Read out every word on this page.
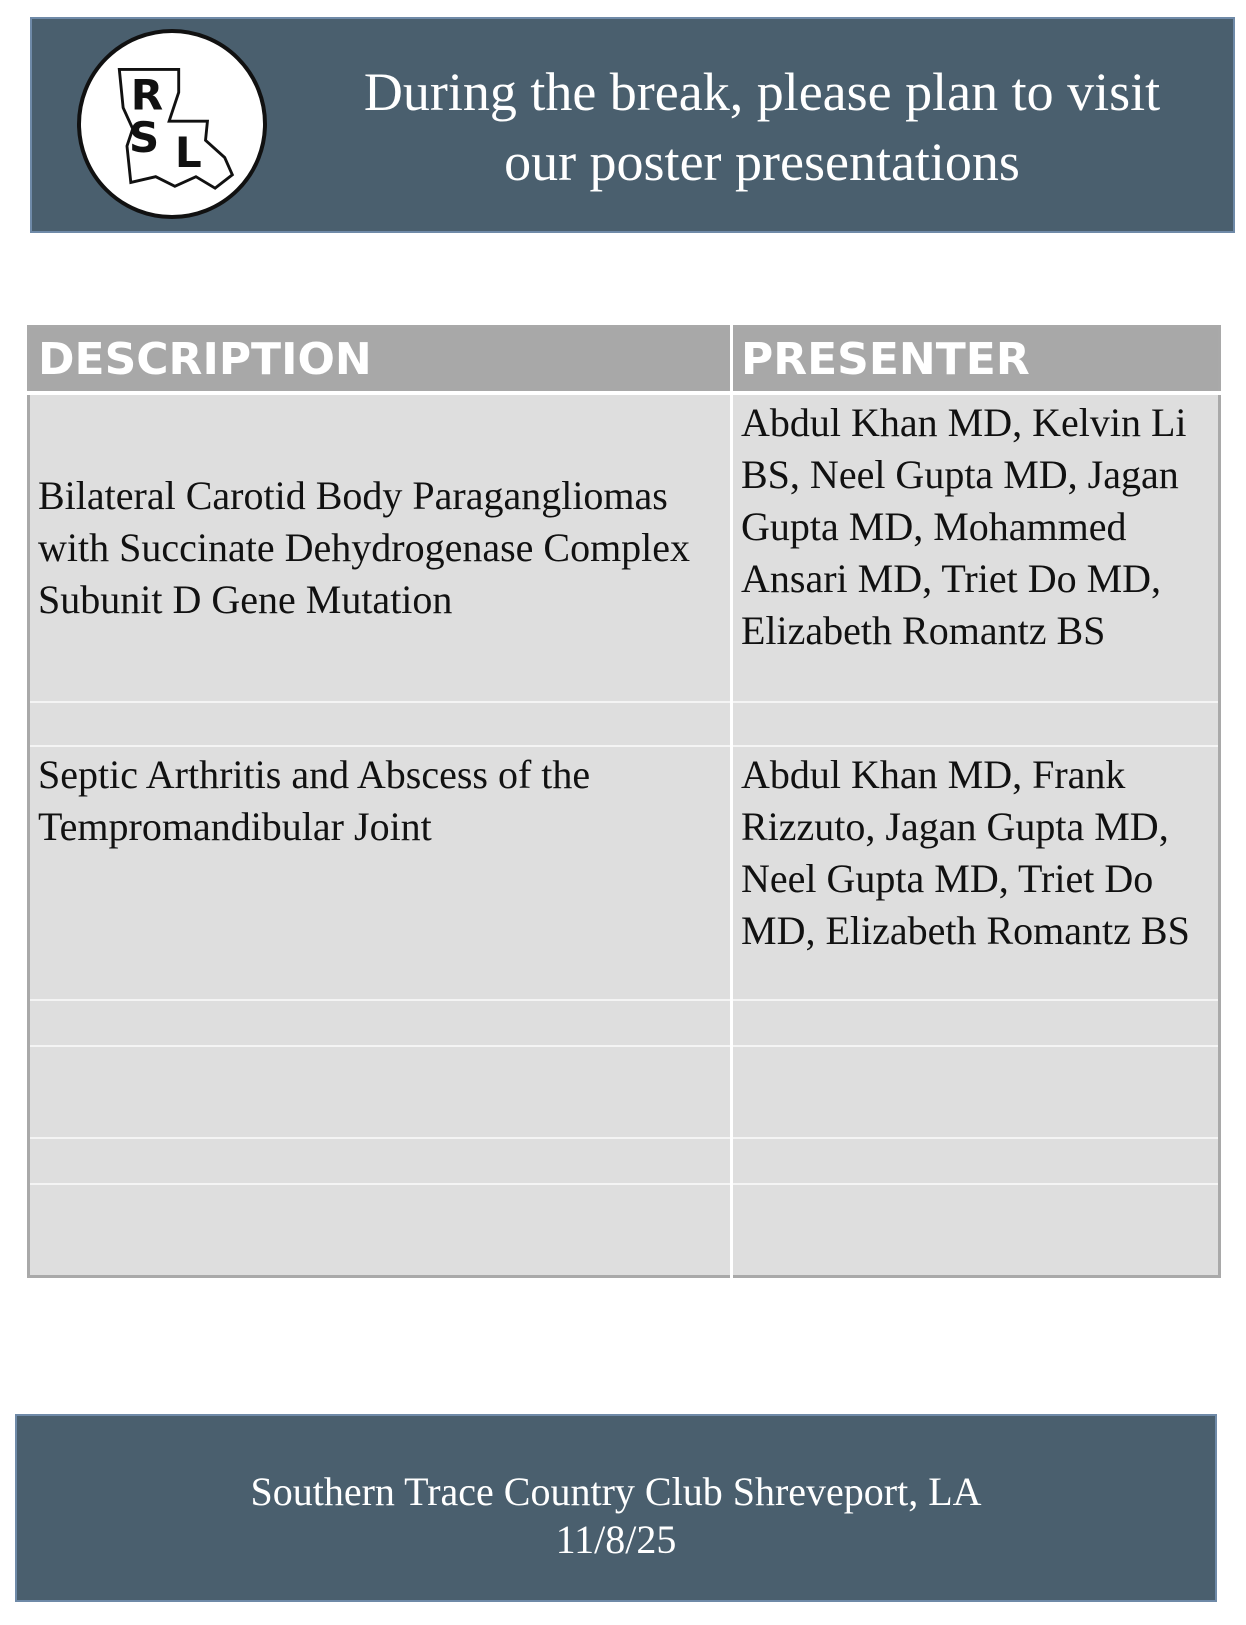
R
S L
During the break, please plan to visit
our poster presentations
DESCRIPTION	PRESENTER
Bilateral Carotid Body Paragangliomas with Succinate Dehydrogenase Complex Subunit D Gene Mutation	Abdul Khan MD, Kelvin Li BS, Neel Gupta MD, Jagan Gupta MD, Mohammed Ansari MD, Triet Do MD, Elizabeth Romantz BS

Septic Arthritis and Abscess of the Tempromandibular Joint	Abdul Khan MD, Frank Rizzuto, Jagan Gupta MD, Neel Gupta MD, Triet Do MD, Elizabeth Romantz BS

Southern Trace Country Club Shreveport, LA
11/8/25
